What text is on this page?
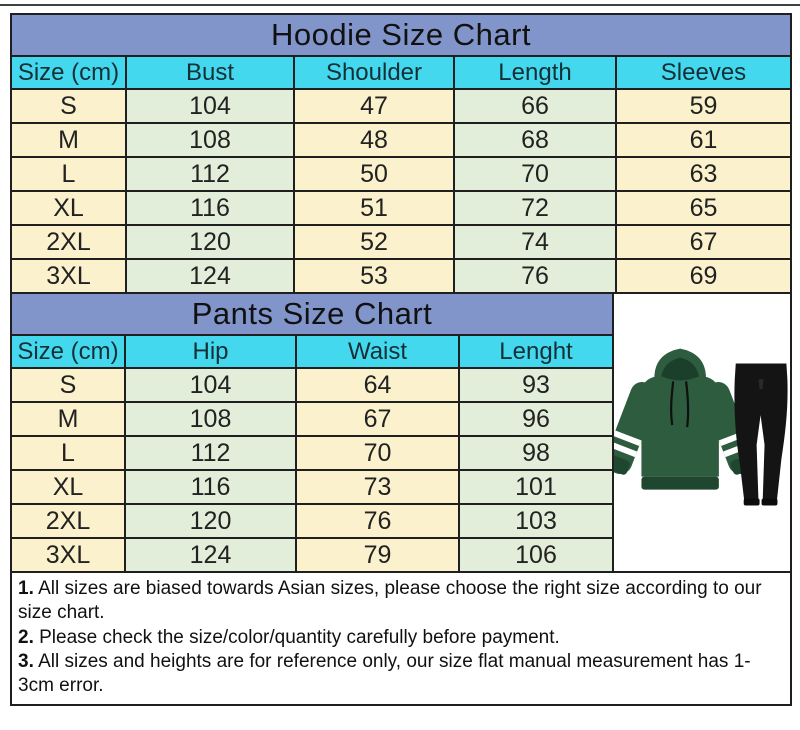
Hoodie Size Chart
Size (cm)	Bust	Shoulder	Length	Sleeves
S	104	47	66	59
M	108	48	68	61
L	112	50	70	63
XL	116	51	72	65
2XL	120	52	74	67
3XL	124	53	76	69
Pants Size Chart
Size (cm)	Hip	Waist	Lenght
S	104	64	93
M	108	67	96
L	112	70	98
XL	116	73	101
2XL	120	76	103
3XL	124	79	106
1. All sizes are biased towards Asian sizes, please choose the right size according to our size chart.
2. Please check the size/color/quantity carefully before payment.
3. All sizes and heights are for reference only, our size flat manual measurement has 1-3cm error.
